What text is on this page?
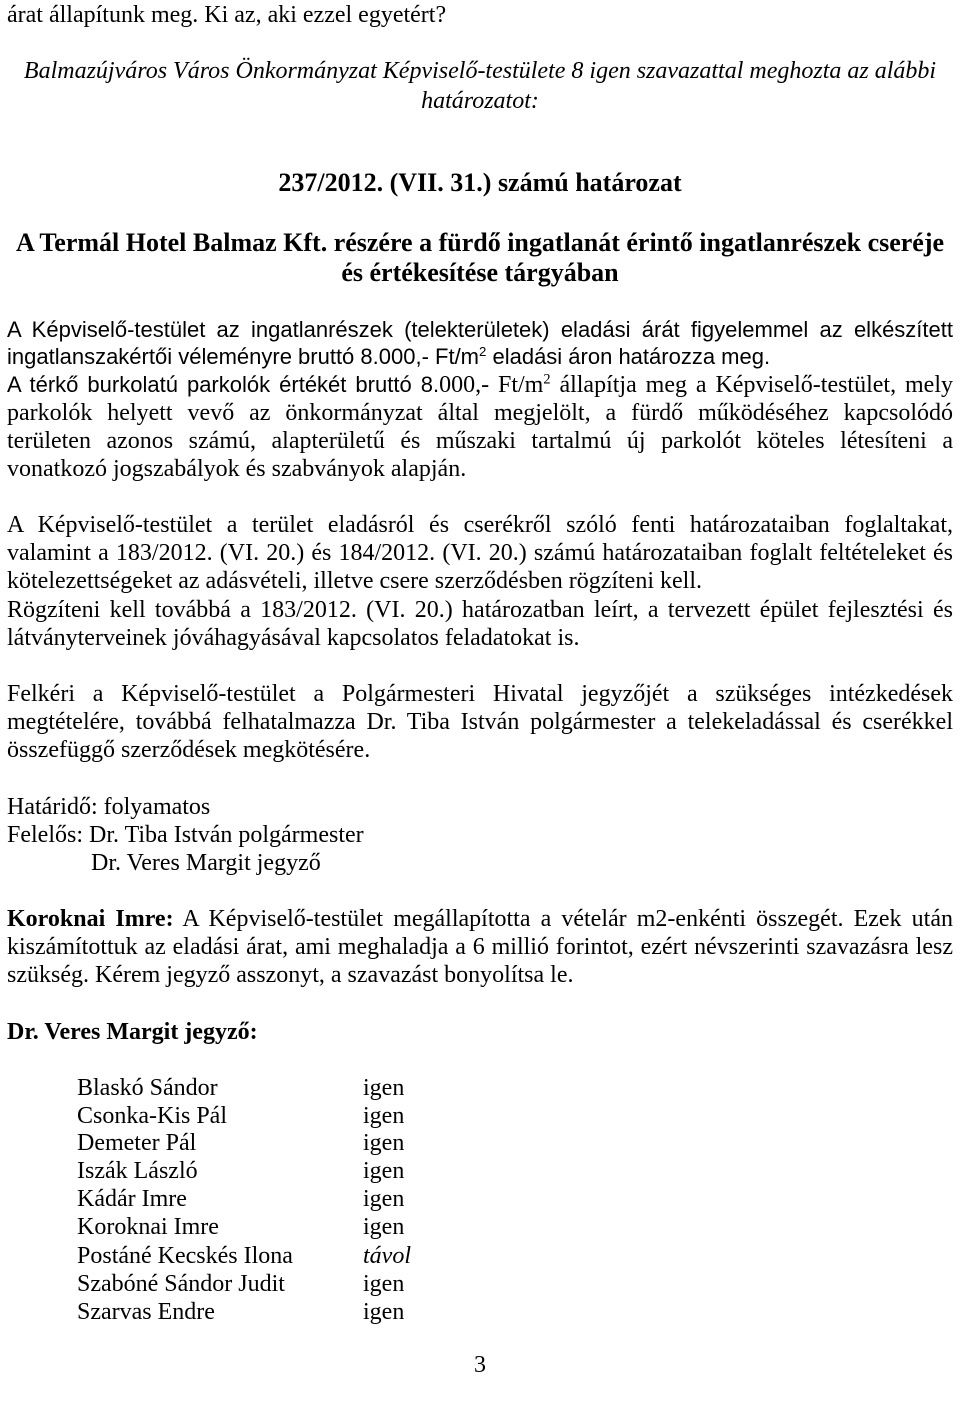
árat állapítunk meg. Ki az, aki ezzel egyetért?
Balmazújváros Város Önkormányzat Képviselő-testülete 8 igen szavazattal meghozta az alábbi
határozatot:
237/2012. (VII. 31.) számú határozat
A Termál Hotel Balmaz Kft. részére a fürdő ingatlanát érintő ingatlanrészek cseréje
és értékesítése tárgyában
A Képviselő-testület az ingatlanrészek (telekterületek) eladási árát figyelemmel az elkészített
ingatlanszakértői véleményre bruttó 8.000,- $Ft/m^2$ eladási áron határozza meg.
A térkő burkolatú parkolók értékét bruttó 8.000,- $Ft/m^2$ állapítja meg a Képviselő-testület, mely
parkolók helyett vevő az önkormányzat által megjelölt, a fürdő működéséhez kapcsolódó
területen azonos számú, alapterületű és műszaki tartalmú új parkolót köteles létesíteni a
vonatkozó jogszabályok és szabványok alapján.
A Képviselő-testület a terület eladásról és cserékről szóló fenti határozataiban foglaltakat,
valamint a 183/2012. (VI. 20.) és 184/2012. (VI. 20.) számú határozataiban foglalt feltételeket és
kötelezettségeket az adásvételi, illetve csere szerződésben rögzíteni kell.
Rögzíteni kell továbbá a 183/2012. (VI. 20.) határozatban leírt, a tervezett épület fejlesztési és
látványterveinek jóváhagyásával kapcsolatos feladatokat is.
Felkéri a Képviselő-testület a Polgármesteri Hivatal jegyzőjét a szükséges intézkedések
megtételére, továbbá felhatalmazza Dr. Tiba István polgármester a telekeladással és cserékkel
összefüggő szerződések megkötésére.
Határidő: folyamatos
Felelős: Dr. Tiba István polgármester
Dr. Veres Margit jegyző
Koroknai Imre: A Képviselő-testület megállapította a vételár m2-enkénti összegét. Ezek után
kiszámítottuk az eladási árat, ami meghaladja a 6 millió forintot, ezért névszerinti szavazásra lesz
szükség. Kérem jegyző asszonyt, a szavazást bonyolítsa le.
Dr. Veres Margit jegyző:
Blaskó Sándor	igen
Csonka-Kis Pál	igen
Demeter Pál	igen
Iszák László	igen
Kádár Imre	igen
Koroknai Imre	igen
Postáné Kecskés Ilona	távol
Szabóné Sándor Judit	igen
Szarvas Endre	igen
3
